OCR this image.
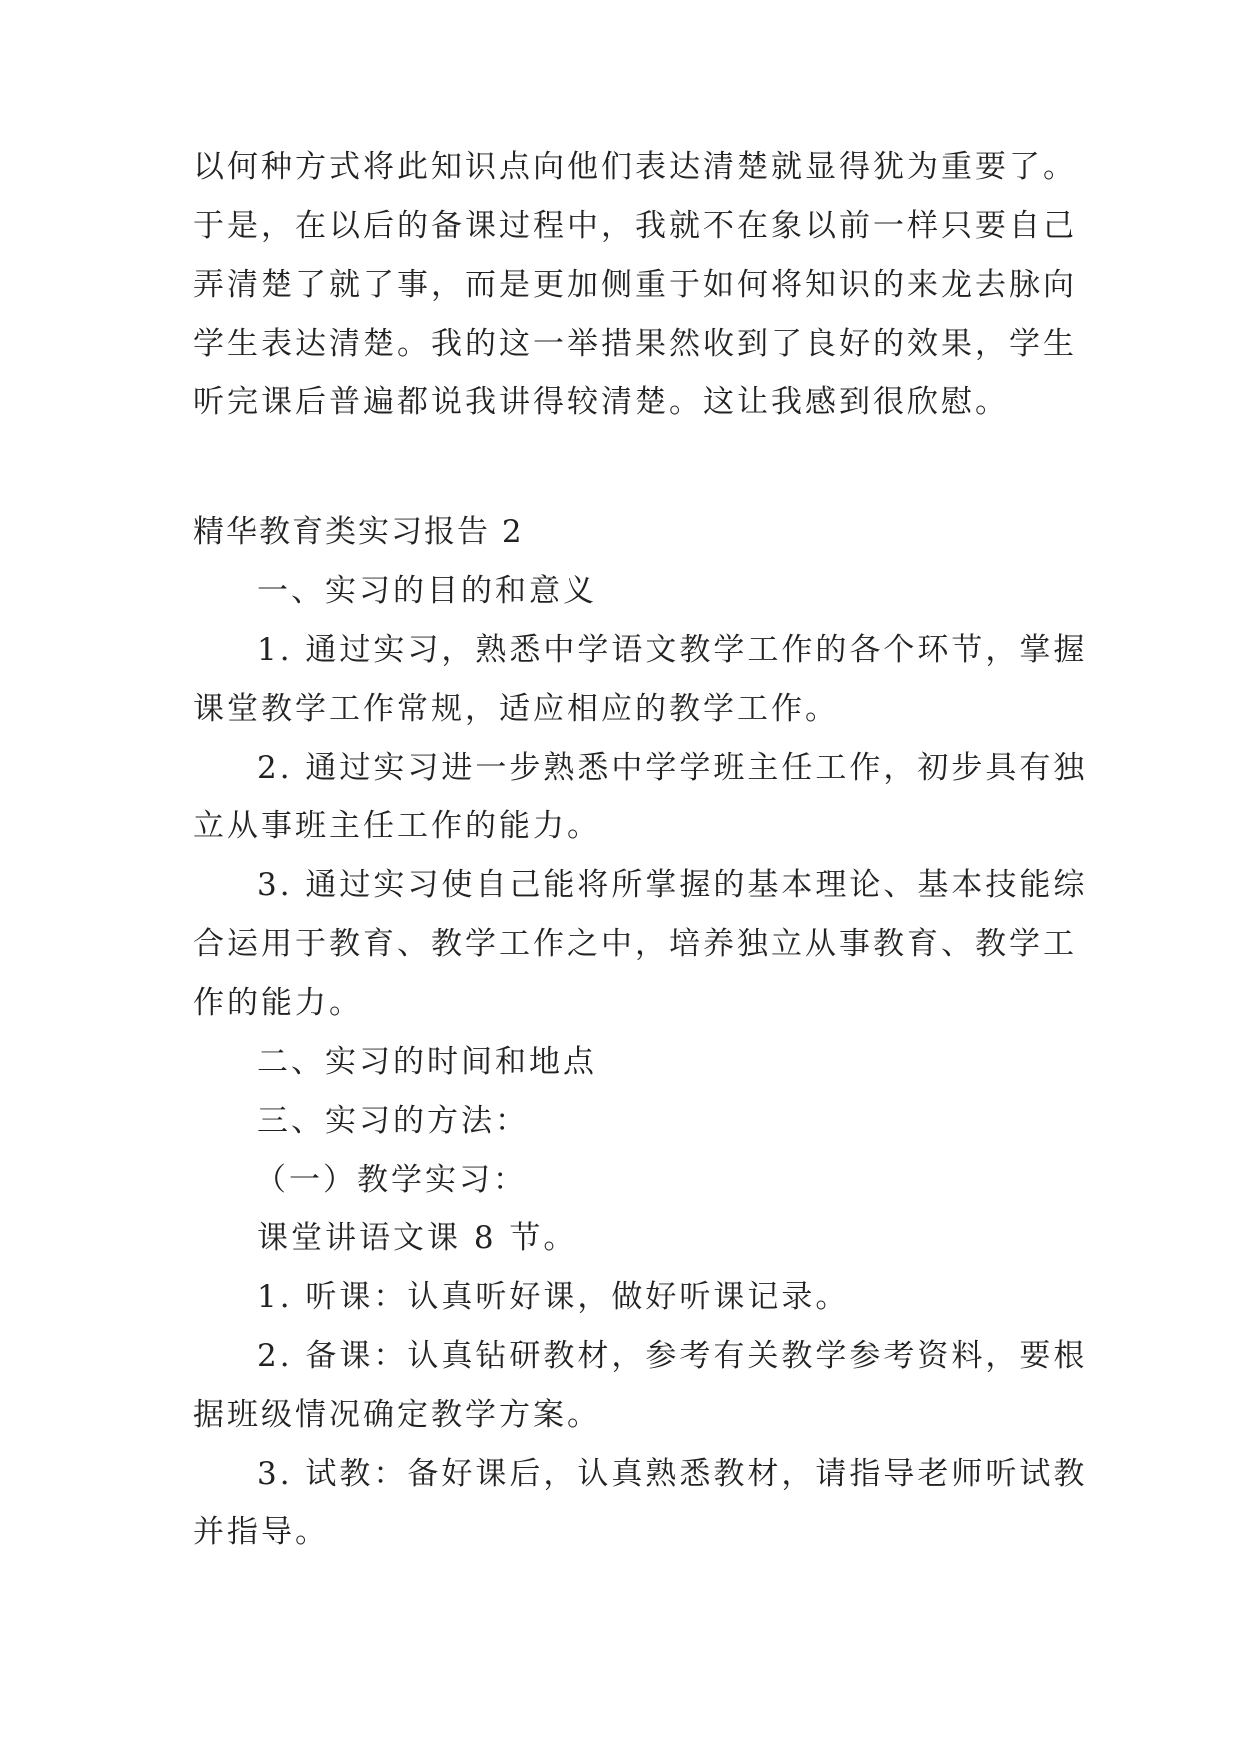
以何种方式将此知识点向他们表达清楚就显得犹为重要了。
于是，在以后的备课过程中，我就不在象以前一样只要自己
弄清楚了就了事，而是更加侧重于如何将知识的来龙去脉向
学生表达清楚。我的这一举措果然收到了良好的效果，学生
听完课后普遍都说我讲得较清楚。这让我感到很欣慰。
精华教育类实习报告 2
一、实习的目的和意义
1. 通过实习，熟悉中学语文教学工作的各个环节，掌握
课堂教学工作常规，适应相应的教学工作。
2. 通过实习进一步熟悉中学学班主任工作，初步具有独
立从事班主任工作的能力。
3. 通过实习使自己能将所掌握的基本理论、基本技能综
合运用于教育、教学工作之中，培养独立从事教育、教学工
作的能力。
二、实习的时间和地点
三、实习的方法：
（一）教学实习：
课堂讲语文课 8 节。
1. 听课：认真听好课，做好听课记录。
2. 备课：认真钻研教材，参考有关教学参考资料，要根
据班级情况确定教学方案。
3. 试教：备好课后，认真熟悉教材，请指导老师听试教
并指导。
